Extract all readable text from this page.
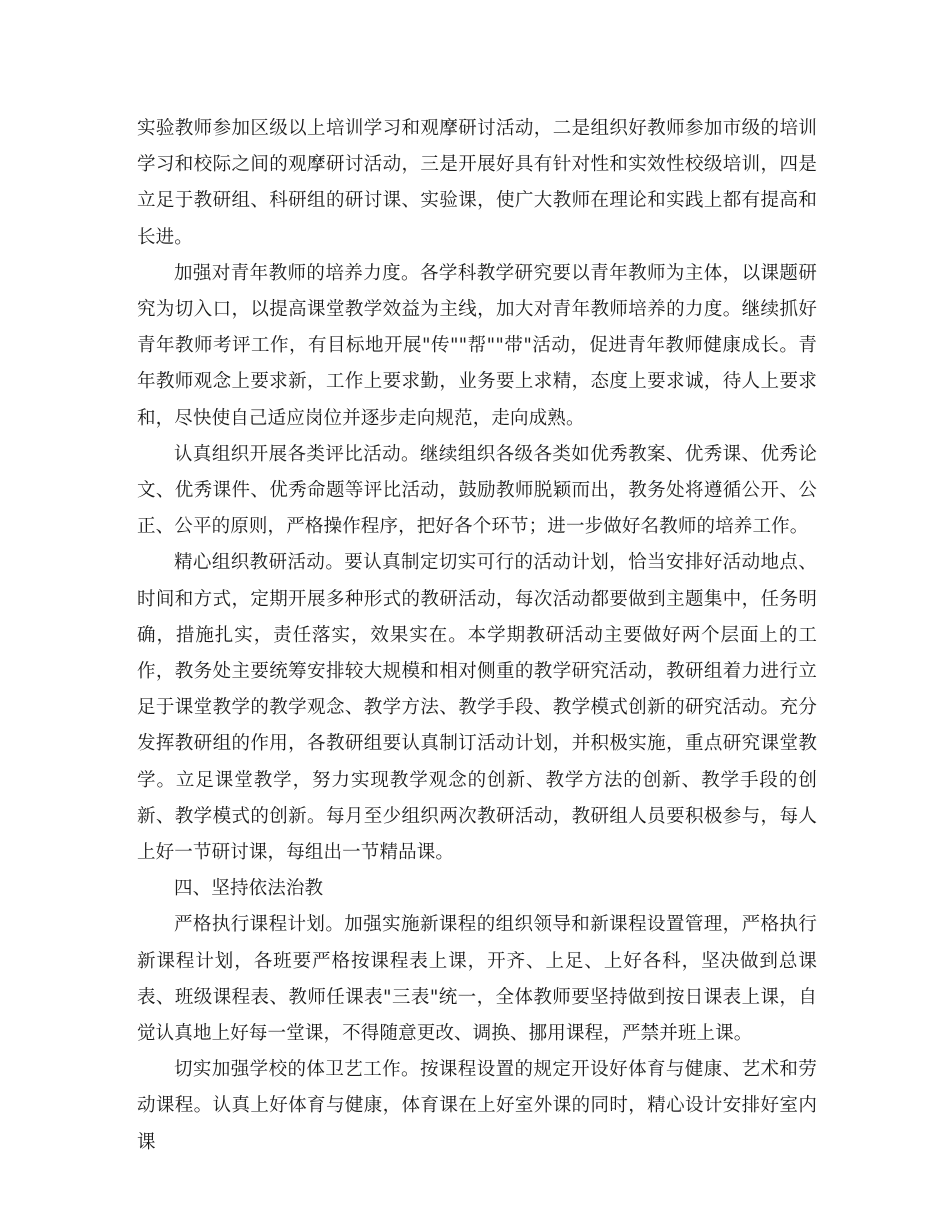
实验教师参加区级以上培训学习和观摩研讨活动，二是组织好教师参加市级的培训学习和校际之间的观摩研讨活动，三是开展好具有针对性和实效性校级培训，四是立足于教研组、科研组的研讨课、实验课，使广大教师在理论和实践上都有提高和长进。

加强对青年教师的培养力度。各学科教学研究要以青年教师为主体，以课题研究为切入口，以提高课堂教学效益为主线，加大对青年教师培养的力度。继续抓好青年教师考评工作，有目标地开展"传""帮""带"活动，促进青年教师健康成长。青年教师观念上要求新，工作上要求勤，业务要上求精，态度上要求诚，待人上要求和，尽快使自己适应岗位并逐步走向规范，走向成熟。

认真组织开展各类评比活动。继续组织各级各类如优秀教案、优秀课、优秀论文、优秀课件、优秀命题等评比活动，鼓励教师脱颖而出，教务处将遵循公开、公正、公平的原则，严格操作程序，把好各个环节；进一步做好名教师的培养工作。

精心组织教研活动。要认真制定切实可行的活动计划，恰当安排好活动地点、时间和方式，定期开展多种形式的教研活动，每次活动都要做到主题集中，任务明确，措施扎实，责任落实，效果实在。本学期教研活动主要做好两个层面上的工作，教务处主要统筹安排较大规模和相对侧重的教学研究活动，教研组着力进行立足于课堂教学的教学观念、教学方法、教学手段、教学模式创新的研究活动。充分发挥教研组的作用，各教研组要认真制订活动计划，并积极实施，重点研究课堂教学。立足课堂教学，努力实现教学观念的创新、教学方法的创新、教学手段的创新、教学模式的创新。每月至少组织两次教研活动，教研组人员要积极参与，每人上好一节研讨课，每组出一节精品课。

四、坚持依法治教

严格执行课程计划。加强实施新课程的组织领导和新课程设置管理，严格执行新课程计划，各班要严格按课程表上课，开齐、上足、上好各科，坚决做到总课表、班级课程表、教师任课表"三表"统一，全体教师要坚持做到按日课表上课，自觉认真地上好每一堂课，不得随意更改、调换、挪用课程，严禁并班上课。

切实加强学校的体卫艺工作。按课程设置的规定开设好体育与健康、艺术和劳动课程。认真上好体育与健康，体育课在上好室外课的同时，精心设计安排好室内课
